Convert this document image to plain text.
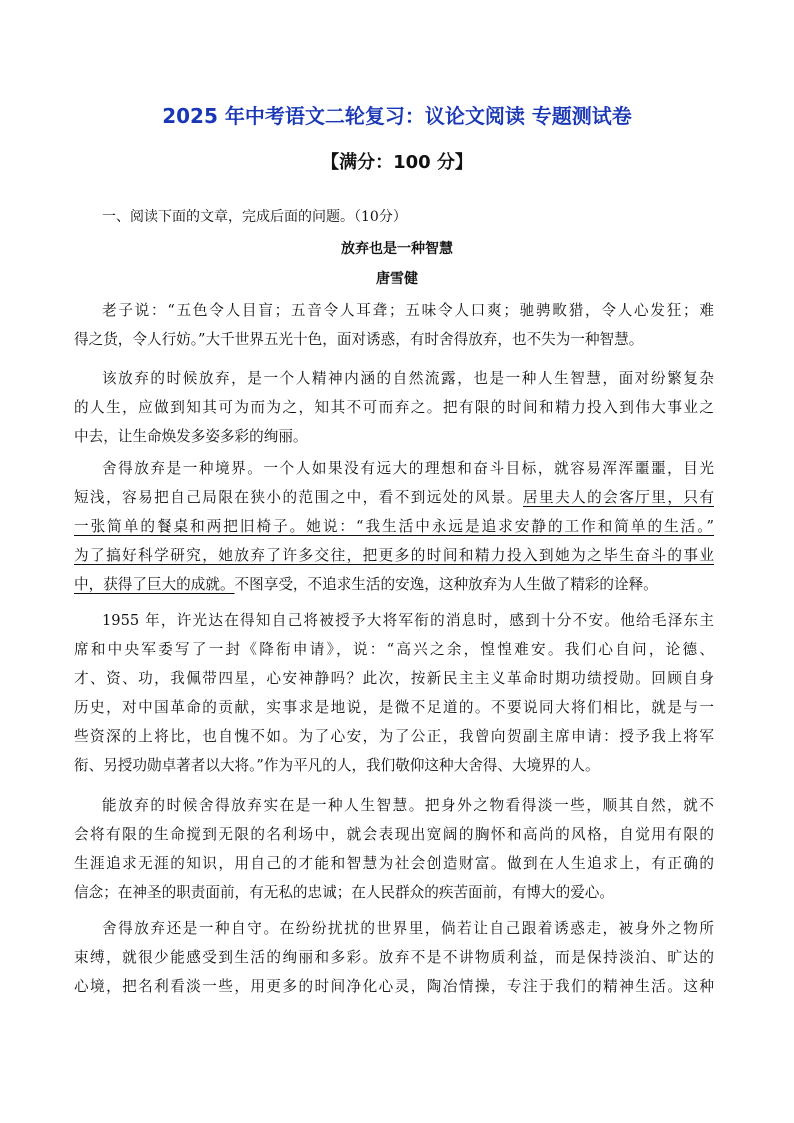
2025 年中考语文二轮复习：议论文阅读 专题测试卷
【满分：100 分】
一、阅读下面的文章，完成后面的问题。（10分）
放弃也是一种智慧
唐雪健
老子说：“五色令人目盲；五音令人耳聋；五味令人口爽；驰骋畋猎，令人心发狂；难
得之货，令人行妨。”大千世界五光十色，面对诱惑，有时舍得放弃，也不失为一种智慧。
该放弃的时候放弃，是一个人精神内涵的自然流露，也是一种人生智慧，面对纷繁复杂
的人生，应做到知其可为而为之，知其不可而弃之。把有限的时间和精力投入到伟大事业之
中去，让生命焕发多姿多彩的绚丽。
舍得放弃是一种境界。一个人如果没有远大的理想和奋斗目标，就容易浑浑噩噩，目光
短浅，容易把自己局限在狭小的范围之中，看不到远处的风景。居里夫人的会客厅里，只有
一张简单的餐桌和两把旧椅子。她说：“我生活中永远是追求安静的工作和简单的生活。”
为了搞好科学研究，她放弃了许多交往，把更多的时间和精力投入到她为之毕生奋斗的事业
中，获得了巨大的成就。不图享受，不追求生活的安逸，这种放弃为人生做了精彩的诠释。
1955 年，许光达在得知自己将被授予大将军衔的消息时，感到十分不安。他给毛泽东主
席和中央军委写了一封《降衔申请》，说：“高兴之余，惶惶难安。我们心自问，论德、
才、资、功，我佩带四星，心安神静吗？此次，按新民主主义革命时期功绩授勋。回顾自身
历史，对中国革命的贡献，实事求是地说，是微不足道的。不要说同大将们相比，就是与一
些资深的上将比，也自愧不如。为了心安，为了公正，我曾向贺副主席申请：授予我上将军
衔、另授功勋卓著者以大将。”作为平凡的人，我们敬仰这种大舍得、大境界的人。
能放弃的时候舍得放弃实在是一种人生智慧。把身外之物看得淡一些，顺其自然，就不
会将有限的生命搅到无限的名利场中，就会表现出宽阔的胸怀和高尚的风格，自觉用有限的
生涯追求无涯的知识，用自己的才能和智慧为社会创造财富。做到在人生追求上，有正确的
信念；在神圣的职责面前，有无私的忠诚；在人民群众的疾苦面前，有博大的爱心。
舍得放弃还是一种自守。在纷纷扰扰的世界里，倘若让自己跟着诱惑走，被身外之物所
束缚，就很少能感受到生活的绚丽和多彩。放弃不是不讲物质利益，而是保持淡泊、旷达的
心境，把名利看淡一些，用更多的时间净化心灵，陶冶情操，专注于我们的精神生活。这种
